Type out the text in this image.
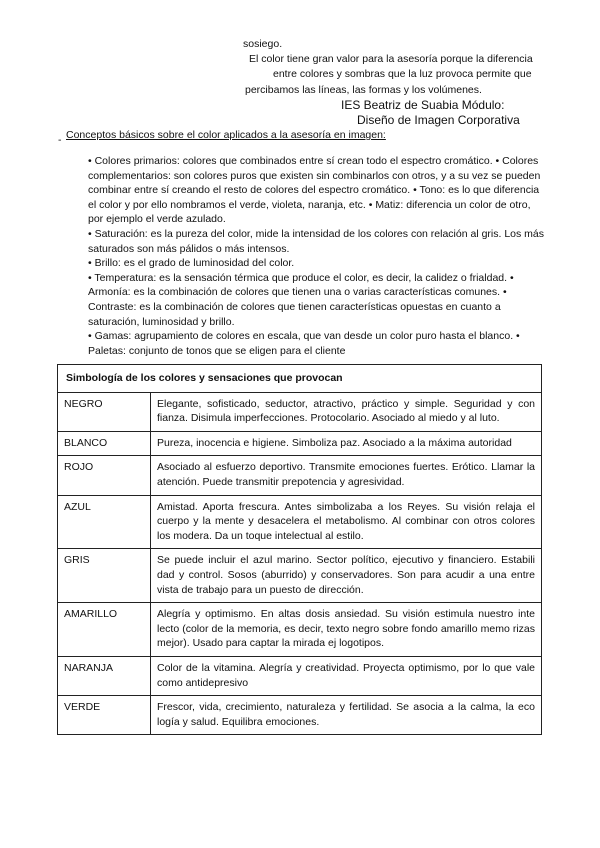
sosiego.
El color tiene gran valor para la asesoría porque la diferencia
entre colores y sombras que la luz provoca permite que
percibamos las líneas, las formas y los volúmenes.
IES Beatriz de Suabia Módulo:
Diseño de Imagen Corporativa
Conceptos básicos sobre el color aplicados a la asesoría en imagen:
-
• Colores primarios: colores que combinados entre sí crean todo el espectro cromático. • Colores complementarios: son colores puros que existen sin combinarlos con otros, y a su vez se pueden combinar entre sí creando el resto de colores del espectro cromático. • Tono: es lo que diferencia el color y por ello nombramos el verde, violeta, naranja, etc. • Matiz: diferencia un color de otro, por ejemplo el verde azulado.
• Saturación: es la pureza del color, mide la intensidad de los colores con relación al gris. Los más saturados son más pálidos o más intensos.
• Brillo: es el grado de luminosidad del color.
• Temperatura: es la sensación térmica que produce el color, es decir, la calidez o frialdad. • Armonía: es la combinación de colores que tienen una o varias características comunes. • Contraste: es la combinación de colores que tienen características opuestas en cuanto a saturación, luminosidad y brillo.
• Gamas: agrupamiento de colores en escala, que van desde un color puro hasta el blanco. • Paletas: conjunto de tonos que se eligen para el cliente
Simbología de los colores y sensaciones que provocan	
NEGRO	Elegante, sofisticado, seductor, atractivo, práctico y simple. Seguridad y con fianza. Disimula imperfecciones. Protocolario. Asociado al miedo y al luto.
BLANCO	Pureza, inocencia e higiene. Simboliza paz. Asociado a la máxima autoridad
ROJO	Asociado al esfuerzo deportivo. Transmite emociones fuertes. Erótico. Llamar la atención. Puede transmitir prepotencia y agresividad.
AZUL	Amistad. Aporta frescura. Antes simbolizaba a los Reyes. Su visión relaja el cuerpo y la mente y desacelera el metabolismo. Al combinar con otros colores los modera. Da un toque intelectual al estilo.
GRIS	Se puede incluir el azul marino. Sector político, ejecutivo y financiero. Estabili dad y control. Sosos (aburrido) y conservadores. Son para acudir a una entre vista de trabajo para un puesto de dirección.
AMARILLO	Alegría y optimismo. En altas dosis ansiedad. Su visión estimula nuestro inte lecto (color de la memoria, es decir, texto negro sobre fondo amarillo memo rizas mejor). Usado para captar la mirada ej logotipos.
NARANJA	Color de la vitamina. Alegría y creatividad. Proyecta optimismo, por lo que vale como antidepresivo
VERDE	Frescor, vida, crecimiento, naturaleza y fertilidad. Se asocia a la calma, la eco logía y salud. Equilibra emociones.
